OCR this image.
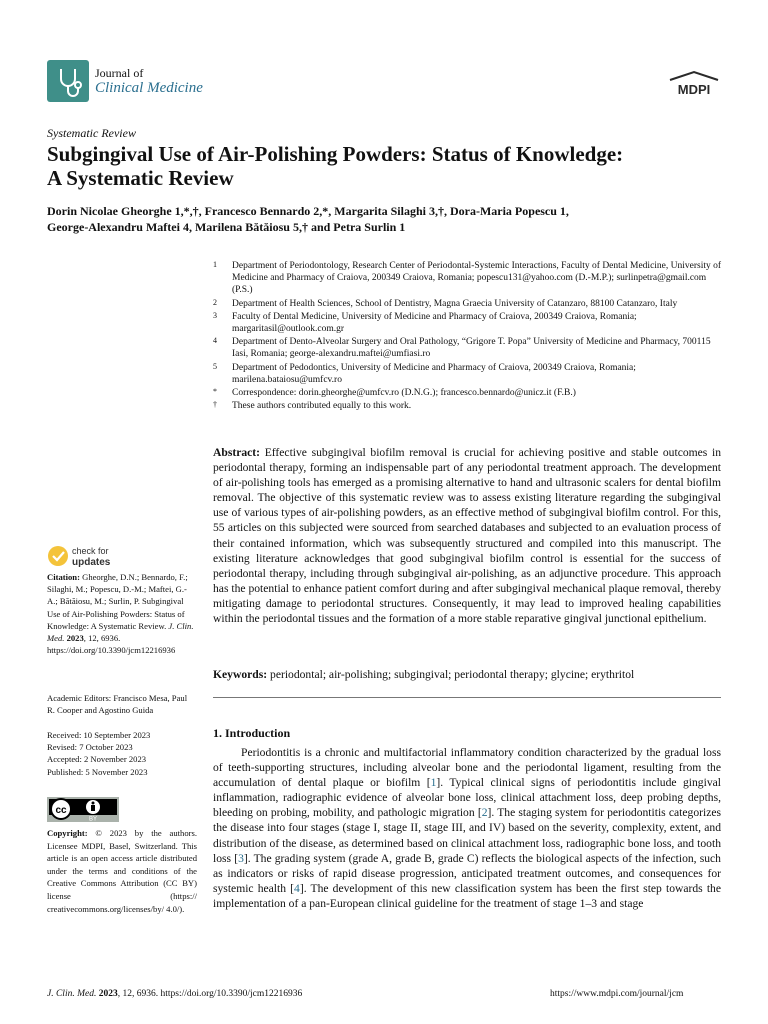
Journal of
Clinical Medicine	MDPI
Systematic Review
Subgingival Use of Air-Polishing Powders: Status of Knowledge:
A Systematic Review
Dorin Nicolae Gheorghe 1,*,†, Francesco Bennardo 2,*, Margarita Silaghi 3,†, Dora-Maria Popescu 1,
George-Alexandru Maftei 4, Marilena Bătăiosu 5,† and Petra Surlin 1
1 Department of Periodontology, Research Center of Periodontal-Systemic Interactions, Faculty of Dental Medicine, University of Medicine and Pharmacy of Craiova, 200349 Craiova, Romania; popescu131@yahoo.com (D.-M.P.); surlinpetra@gmail.com (P.S.)
2 Department of Health Sciences, School of Dentistry, Magna Graecia University of Catanzaro, 88100 Catanzaro, Italy
3 Faculty of Dental Medicine, University of Medicine and Pharmacy of Craiova, 200349 Craiova, Romania; margaritasil@outlook.com.gr
4 Department of Dento-Alveolar Surgery and Oral Pathology, “Grigore T. Popa” University of Medicine and Pharmacy, 700115 Iasi, Romania; george-alexandru.maftei@umfiasi.ro
5 Department of Pedodontics, University of Medicine and Pharmacy of Craiova, 200349 Craiova, Romania; marilena.bataiosu@umfcv.ro
* Correspondence: dorin.gheorghe@umfcv.ro (D.N.G.); francesco.bennardo@unicz.it (F.B.)
† These authors contributed equally to this work.
Abstract: Effective subgingival biofilm removal is crucial for achieving positive and stable outcomes in periodontal therapy, forming an indispensable part of any periodontal treatment approach. The development of air-polishing tools has emerged as a promising alternative to hand and ultrasonic scalers for dental biofilm removal. The objective of this systematic review was to assess existing literature regarding the subgingival use of various types of air-polishing powders, as an effective method of subgingival biofilm control. For this, 55 articles on this subjected were sourced from searched databases and subjected to an evaluation process of their contained information, which was subsequently structured and compiled into this manuscript. The existing literature acknowledges that good subgingival biofilm control is essential for the success of periodontal therapy, including through subgingival air-polishing, as an adjunctive procedure. This approach has the potential to enhance patient comfort during and after subgingival mechanical plaque removal, thereby mitigating damage to periodontal structures. Consequently, it may lead to improved healing capabilities within the periodontal tissues and the formation of a more stable reparative gingival junctional epithelium.
Keywords: periodontal; air-polishing; subgingival; periodontal therapy; glycine; erythritol
1. Introduction

Periodontitis is a chronic and multifactorial inflammatory condition characterized by the gradual loss of teeth-supporting structures, including alveolar bone and the periodontal ligament, resulting from the accumulation of dental plaque or biofilm [1]. Typical clinical signs of periodontitis include gingival inflammation, radiographic evidence of alveolar bone loss, clinical attachment loss, deep probing depths, bleeding on probing, mobility, and pathologic migration [2]. The staging system for periodontitis categorizes the disease into four stages (stage I, stage II, stage III, and IV) based on the severity, complexity, extent, and distribution of the disease, as determined based on clinical attachment loss, radiographic bone loss, and tooth loss [3]. The grading system (grade A, grade B, grade C) reflects the biological aspects of the infection, such as indicators or risks of rapid disease progression, anticipated treatment outcomes, and consequences for systemic health [4]. The development of this new classification system has been the first step towards the implementation of a pan-European clinical guideline for the treatment of stage 1–3 and stage

check for
updates

Citation: Gheorghe, D.N.; Bennardo, F.; Silaghi, M.; Popescu, D.-M.; Maftei, G.-A.; Bătăiosu, M.; Surlin, P. Subgingival Use of Air-Polishing Powders: Status of Knowledge: A Systematic Review. J. Clin. Med. 2023, 12, 6936. https://doi.org/10.3390/jcm12216936

Academic Editors: Francisco Mesa, Paul R. Cooper and Agostino Guida
Received: 10 September 2023
Revised: 7 October 2023
Accepted: 2 November 2023
Published: 5 November 2023
cc
BY
Copyright: © 2023 by the authors. Licensee MDPI, Basel, Switzerland. This article is an open access article distributed under the terms and conditions of the Creative Commons Attribution (CC BY) license (https:// creativecommons.org/licenses/by/ 4.0/).
J. Clin. Med. 2023, 12, 6936. https://doi.org/10.3390/jcm12216936	https://www.mdpi.com/journal/jcm
